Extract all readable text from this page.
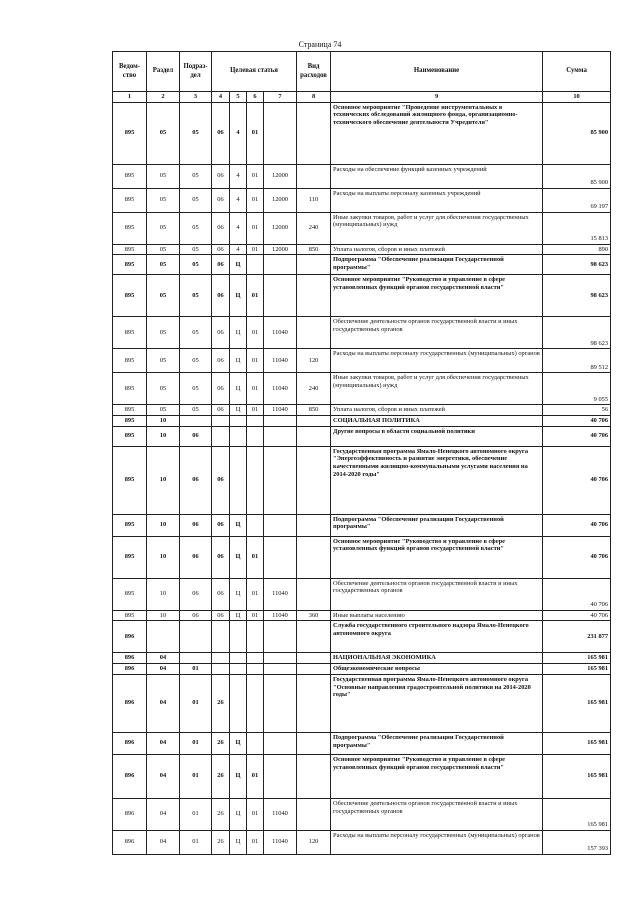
Страница 74
Ведом-ство	Раздел	Подраз-дел	Целевая статья				Вид расходов	Наименование	Сумма
1	2	3	4	5	6	7	8	9	10
895	05	05	06	4	01			Основное мероприятие "Проведение инструментальных в технических обследований жилищного фонда, организационно-технического обеспечение деятельности Учредителя"	85 900
895	05	05	06	4	01	12000		Расходы на обеспечение функций казенных учреждений	85 900
895	05	05	06	4	01	12000	110	Расходы на выплаты персоналу казенных учреждений	69 197
895	05	05	06	4	01	12000	240	Иные закупки товаров, работ и услуг для обеспечения государственных (муниципальных) нужд	15 813
895	05	05	06	4	01	12000	850	Уплата налогов, сборов и иных платежей	890
895	05	05	06	Ц				Подпрограмма "Обеспечение реализации Государственной программы"	98 623
895	05	05	06	Ц	01			Основное мероприятие "Руководство и управление в сфере установленных функций органов государственной власти"	98 623
895	05	05	06	Ц	01	11040		Обеспечение деятельности органов государственной власти и иных государственных органов	98 623
895	05	05	06	Ц	01	11040	120	Расходы на выплаты персоналу государственных (муниципальных) органов	89 512
895	05	05	06	Ц	01	11040	240	Иные закупки товаров, работ и услуг для обеспечения государственных (муниципальных) нужд	9 055
895	05	05	06	Ц	01	11040	850	Уплата налогов, сборов и иных платежей	56
895	10							СОЦИАЛЬНАЯ ПОЛИТИКА	40 706
895	10	06						Другие вопросы в области социальной политики	40 706
895	10	06	06					Государственная программа Ямало-Ненецкого автономного округа "Энергоэффективность и развитие энергетики, обеспечение качественными жилищно-коммунальными услугами населения на 2014-2020 годы"	40 706
895	10	06	06	Ц				Подпрограмма "Обеспечение реализации Государственной программы"	40 706
895	10	06	06	Ц	01			Основное мероприятие "Руководство и управление в сфере установленных функций органов государственной власти"	40 706
895	10	06	06	Ц	01	11040		Обеспечение деятельности органов государственной власти и иных государственных органов	40 706
895	10	06	06	Ц	01	11040	360	Иные выплаты населению	40 706
896								Служба государственного строительного надзора Ямало-Ненецкого автономного округа	231 877
896	04							НАЦИОНАЛЬНАЯ ЭКОНОМИКА	165 981
896	04	01						Общеэкономические вопросы	165 981
896	04	01	26					Государственная программа Ямало-Ненецкого автономного округа "Основные направления градостроительной политики на 2014-2020 годы"	165 981
896	04	01	26	Ц				Подпрограмма "Обеспечение реализации Государственной программы"	165 981
896	04	01	26	Ц	01			Основное мероприятие "Руководство и управление в сфере установленных функций органов государственной власти"	165 981
896	04	01	26	Ц	01	11040		Обеспечение деятельности органов государственной власти и иных государственных органов	165 981
896	04	01	26	Ц	01	11040	120	Расходы на выплаты персоналу государственных (муниципальных) органов	157 393
